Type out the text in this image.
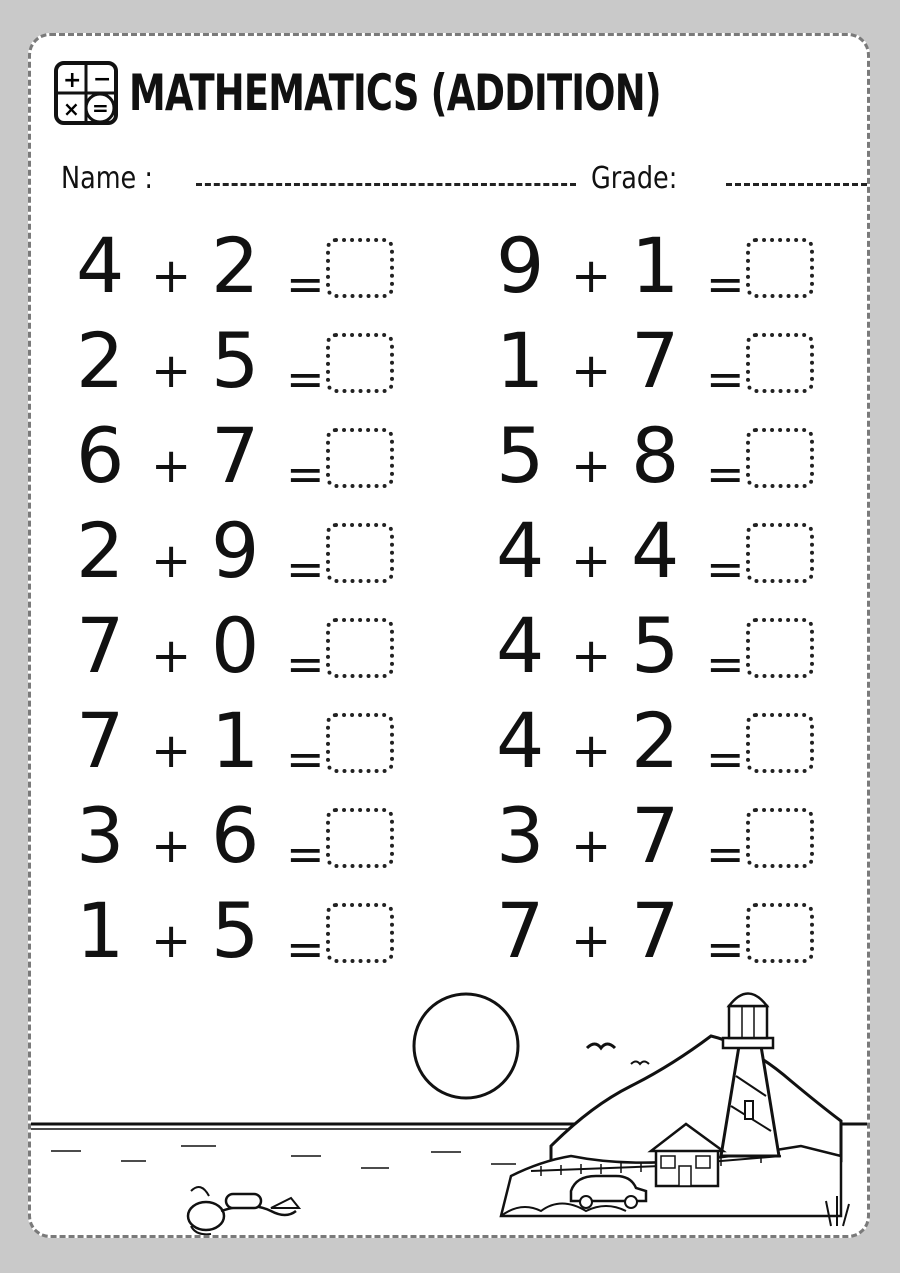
+ −
× = MATHEMATICS (ADDITION)
Name :	Grade:
4 + 2 =
2 + 5 =
6 + 7 =
2 + 9 =
7 + 0 =
7 + 1 =
3 + 6 =
1 + 5 =
9 + 1 =
1 + 7 =
5 + 8 =
4 + 4 =
4 + 5 =
4 + 2 =
3 + 7 =
7 + 7 =
